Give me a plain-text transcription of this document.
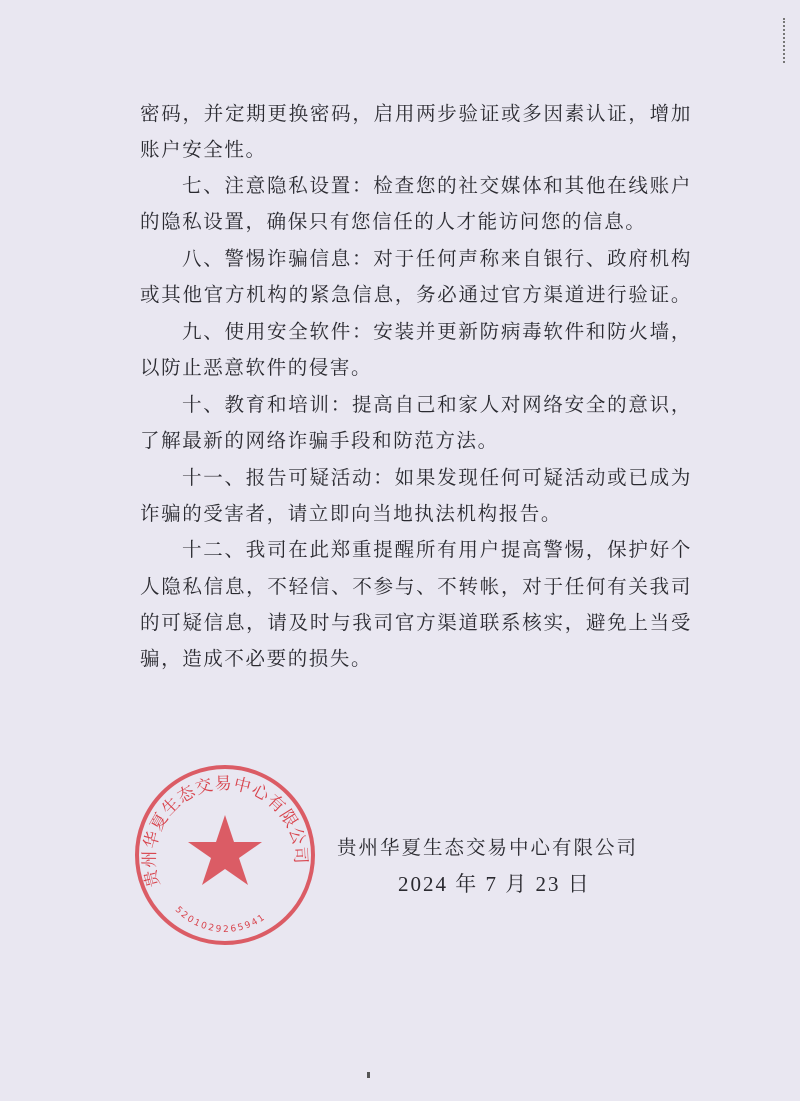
密码，并定期更换密码，启用两步验证或多因素认证，增加
账户安全性。
七、注意隐私设置：检查您的社交媒体和其他在线账户
的隐私设置，确保只有您信任的人才能访问您的信息。
八、警惕诈骗信息：对于任何声称来自银行、政府机构
或其他官方机构的紧急信息，务必通过官方渠道进行验证。
九、使用安全软件：安装并更新防病毒软件和防火墙，
以防止恶意软件的侵害。
十、教育和培训：提高自己和家人对网络安全的意识，
了解最新的网络诈骗手段和防范方法。
十一、报告可疑活动：如果发现任何可疑活动或已成为
诈骗的受害者，请立即向当地执法机构报告。
十二、我司在此郑重提醒所有用户提高警惕，保护好个
人隐私信息，不轻信、不参与、不转帐，对于任何有关我司
的可疑信息，请及时与我司官方渠道联系核实，避免上当受
骗，造成不必要的损失。
贵州华夏生态交易中心有限公司
5201029265941
贵州华夏生态交易中心有限公司
2024 年 7 月 23 日
